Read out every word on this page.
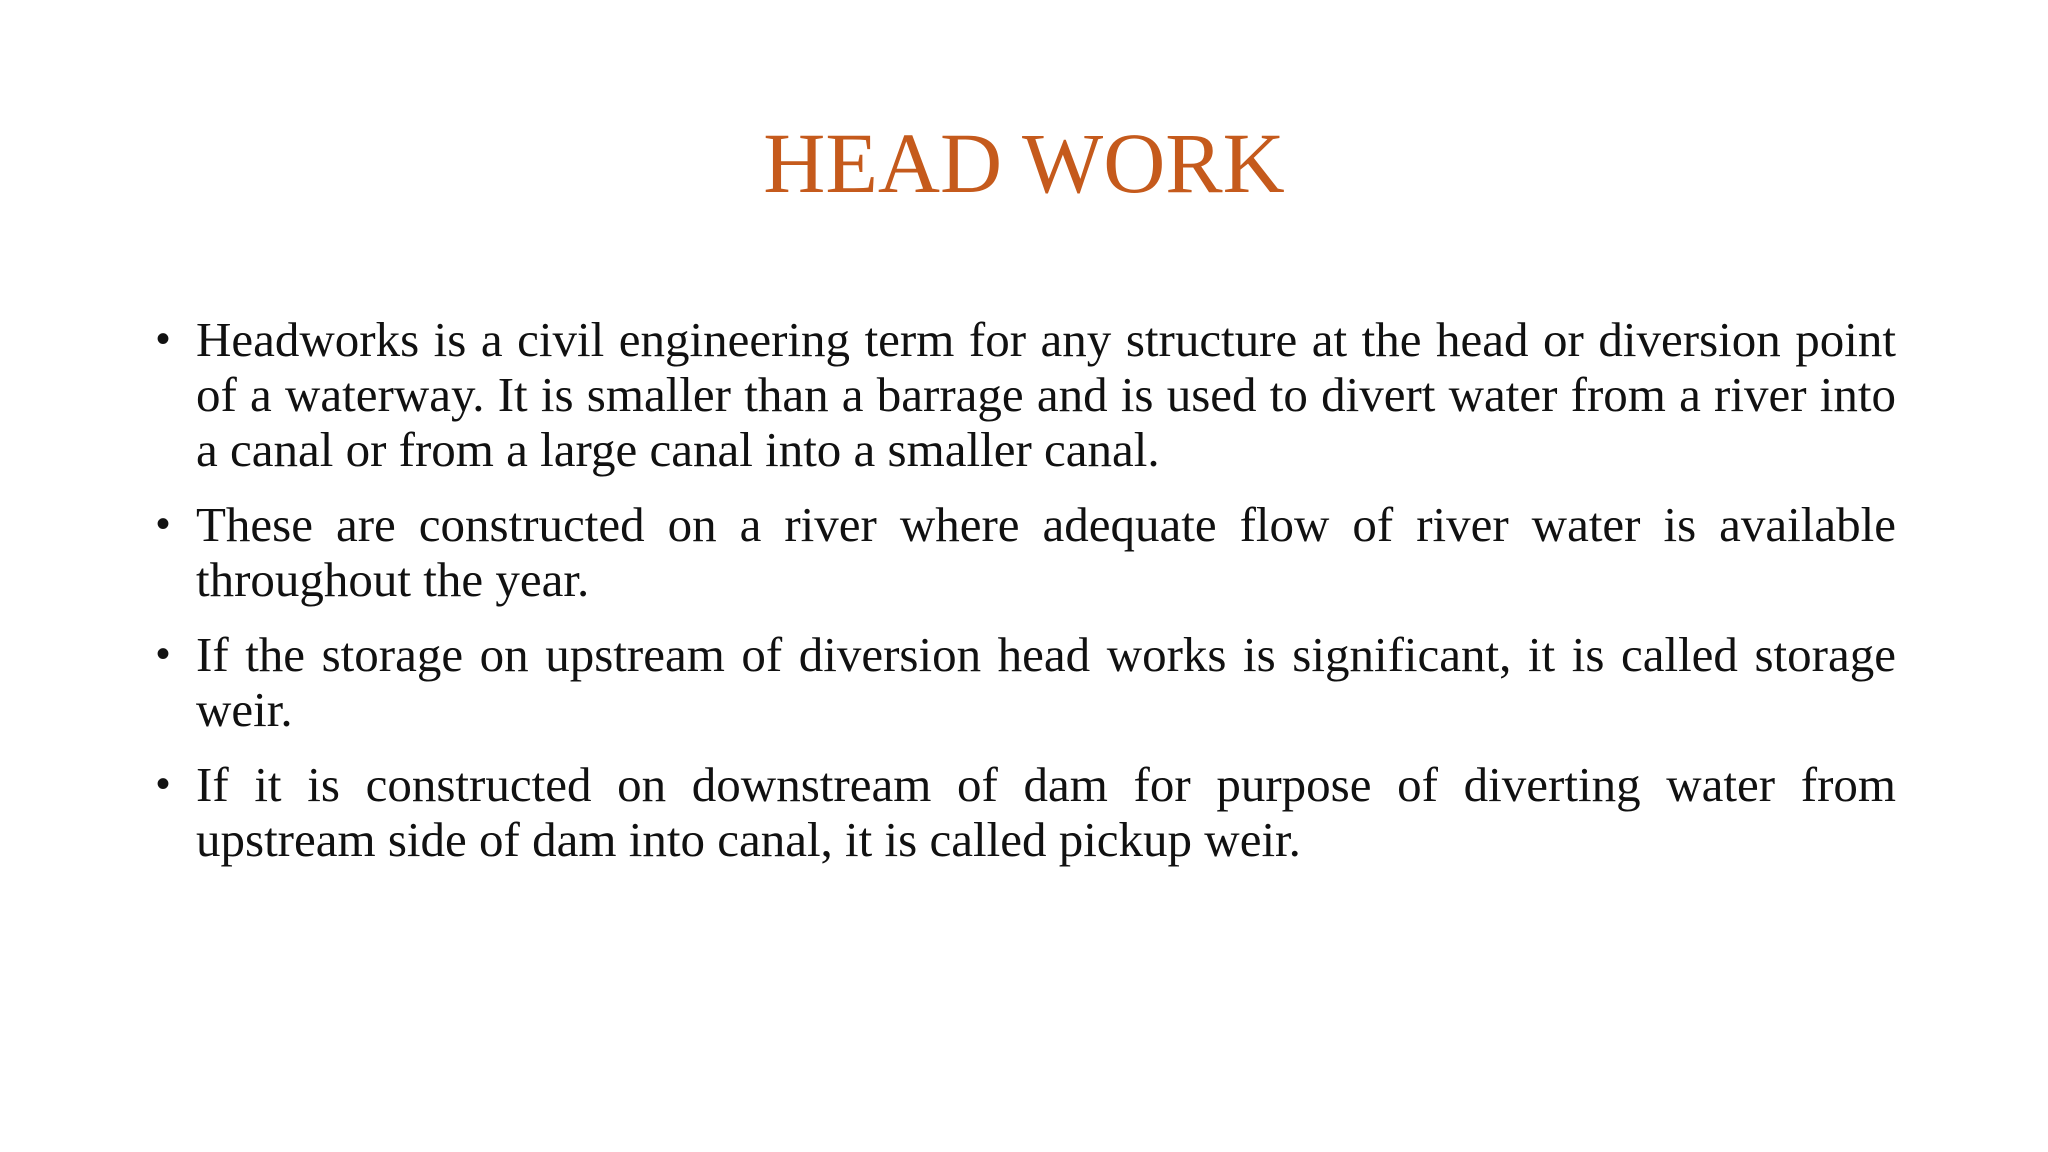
HEAD WORK
• Headworks is a civil engineering term for any structure at the head or diversion point of a waterway. It is smaller than a barrage and is used to divert water from a river into a canal or from a large canal into a smaller canal.
• These are constructed on a river where adequate flow of river water is available throughout the year.
• If the storage on upstream of diversion head works is significant, it is called storage weir.
• If it is constructed on downstream of dam for purpose of diverting water from upstream side of dam into canal, it is called pickup weir.
